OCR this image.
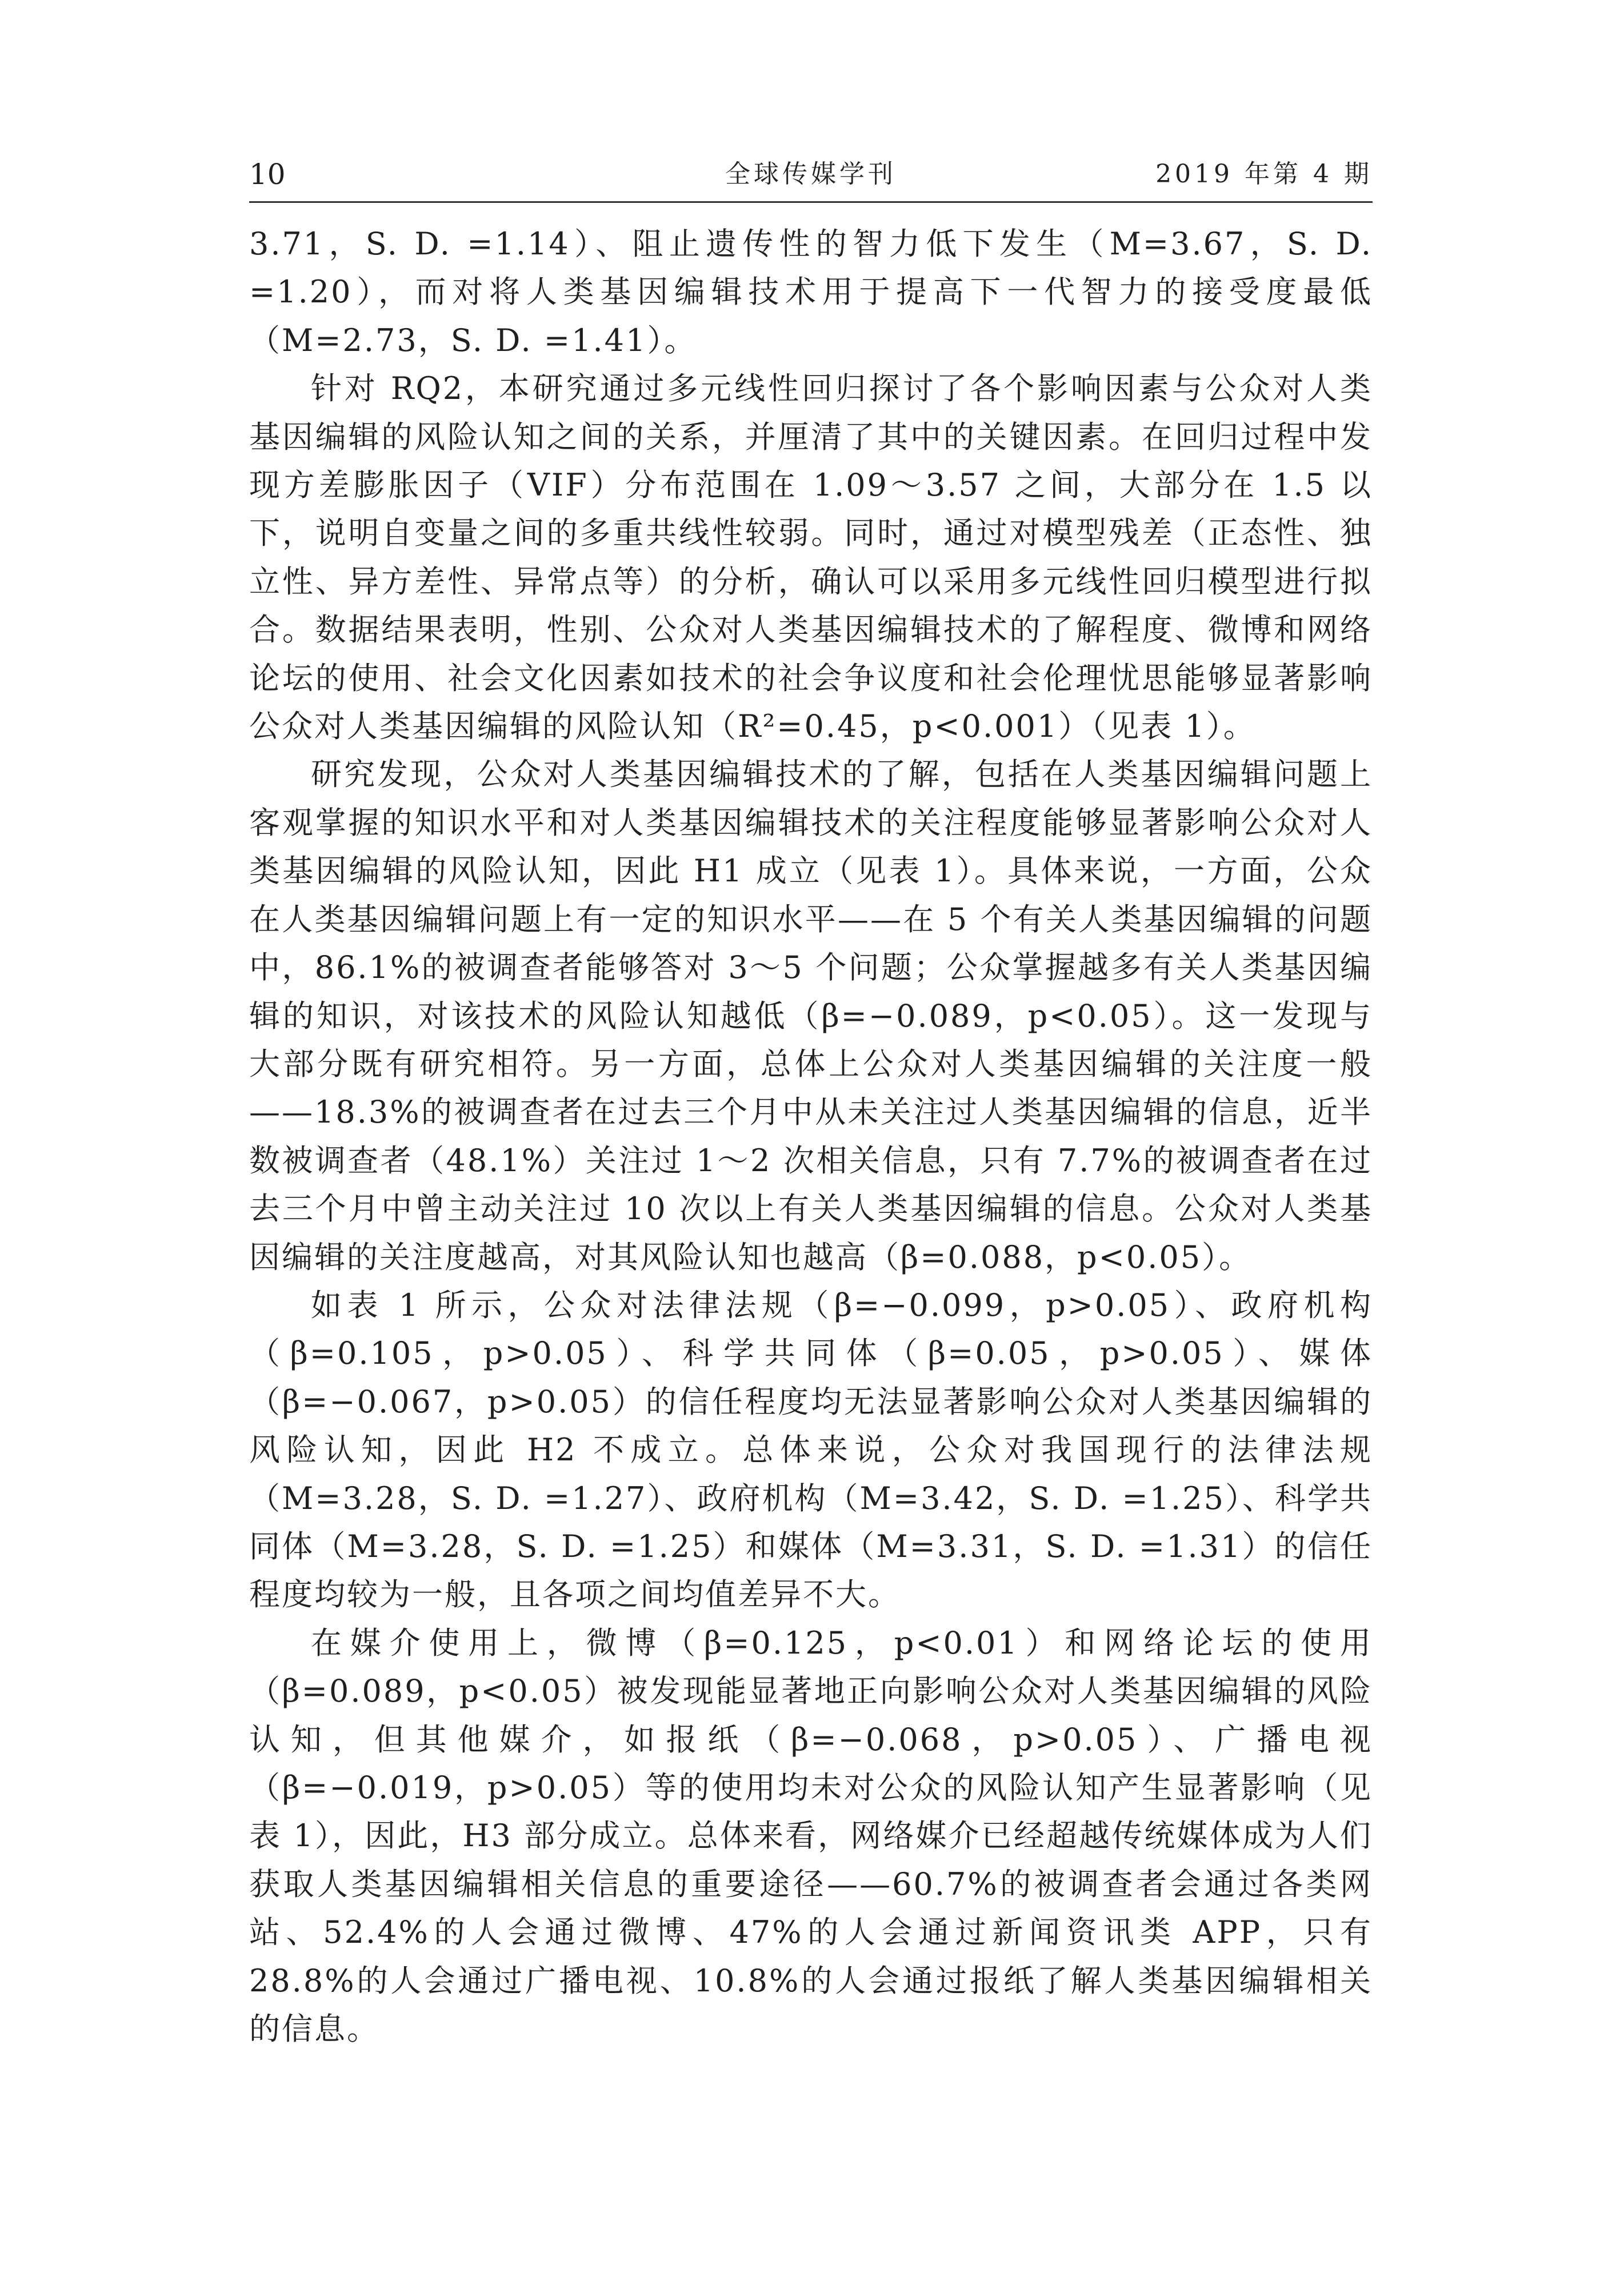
10	全球传媒学刊	2019 年第 4 期

3.71，S. D. =1.14）、阻止遗传性的智力低下发生（M=3.67，S. D. =1.20），而对将人类基因编辑技术用于提高下一代智力的接受度最低（M=2.73，S. D. =1.41）。

针对 RQ2，本研究通过多元线性回归探讨了各个影响因素与公众对人类基因编辑的风险认知之间的关系，并厘清了其中的关键因素。在回归过程中发现方差膨胀因子（VIF）分布范围在 1.09～3.57 之间，大部分在 1.5 以下，说明自变量之间的多重共线性较弱。同时，通过对模型残差（正态性、独立性、异方差性、异常点等）的分析，确认可以采用多元线性回归模型进行拟合。数据结果表明，性别、公众对人类基因编辑技术的了解程度、微博和网络论坛的使用、社会文化因素如技术的社会争议度和社会伦理忧思能够显著影响公众对人类基因编辑的风险认知（R²=0.45，p<0.001）（见表 1）。

研究发现，公众对人类基因编辑技术的了解，包括在人类基因编辑问题上客观掌握的知识水平和对人类基因编辑技术的关注程度能够显著影响公众对人类基因编辑的风险认知，因此 H1 成立（见表 1）。具体来说，一方面，公众在人类基因编辑问题上有一定的知识水平——在 5 个有关人类基因编辑的问题中，86.1%的被调查者能够答对 3～5 个问题；公众掌握越多有关人类基因编辑的知识，对该技术的风险认知越低（β=−0.089，p<0.05）。这一发现与大部分既有研究相符。另一方面，总体上公众对人类基因编辑的关注度一般——18.3%的被调查者在过去三个月中从未关注过人类基因编辑的信息，近半数被调查者（48.1%）关注过 1～2 次相关信息，只有 7.7%的被调查者在过去三个月中曾主动关注过 10 次以上有关人类基因编辑的信息。公众对人类基因编辑的关注度越高，对其风险认知也越高（β=0.088，p<0.05）。

如表 1 所示，公众对法律法规（β=−0.099，p>0.05）、政府机构（β=0.105，p>0.05）、科学共同体（β=0.05，p>0.05）、媒体（β=−0.067，p>0.05）的信任程度均无法显著影响公众对人类基因编辑的风险认知，因此 H2 不成立。总体来说，公众对我国现行的法律法规（M=3.28，S. D. =1.27）、政府机构（M=3.42，S. D. =1.25）、科学共同体（M=3.28，S. D. =1.25）和媒体（M=3.31，S. D. =1.31）的信任程度均较为一般，且各项之间均值差异不大。

在媒介使用上，微博（β=0.125，p<0.01）和网络论坛的使用（β=0.089，p<0.05）被发现能显著地正向影响公众对人类基因编辑的风险认知，但其他媒介，如报纸（β=−0.068，p>0.05）、广播电视（β=−0.019，p>0.05）等的使用均未对公众的风险认知产生显著影响（见表 1），因此，H3 部分成立。总体来看，网络媒介已经超越传统媒体成为人们获取人类基因编辑相关信息的重要途径——60.7%的被调查者会通过各类网站、52.4%的人会通过微博、47%的人会通过新闻资讯类 APP，只有 28.8%的人会通过广播电视、10.8%的人会通过报纸了解人类基因编辑相关的信息。
